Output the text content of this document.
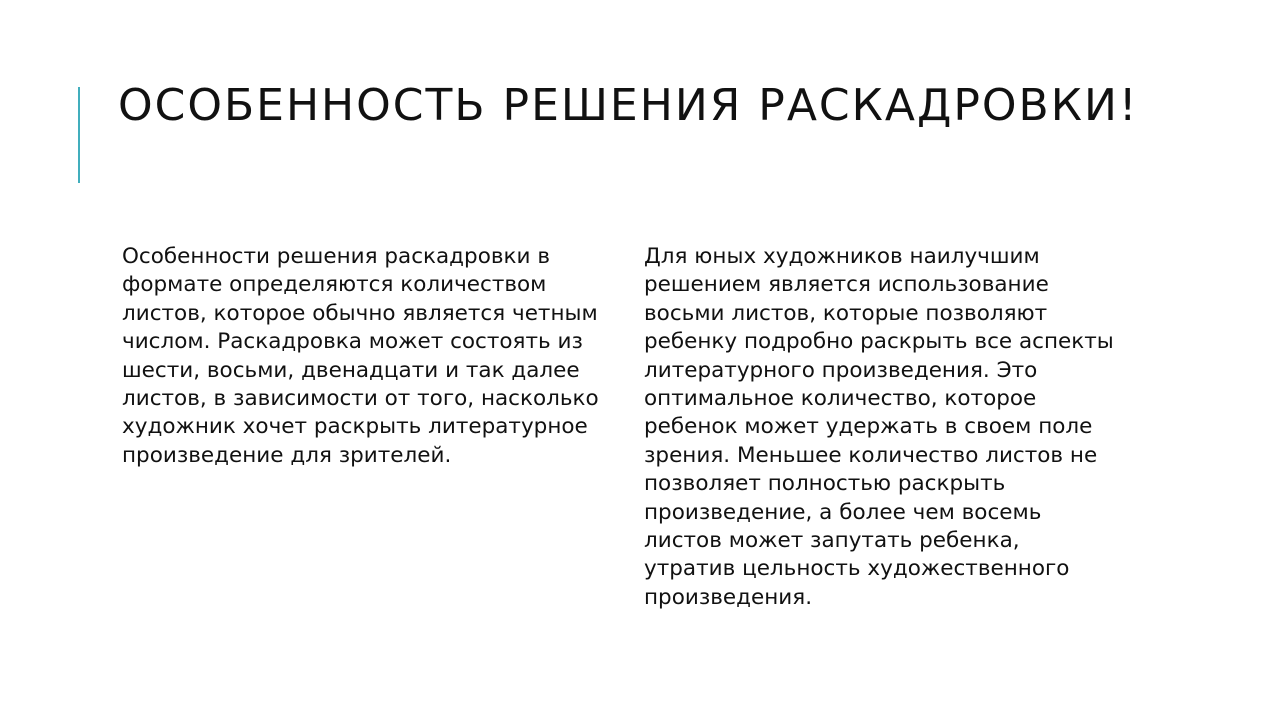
ОСОБЕННОСТЬ РЕШЕНИЯ РАСКАДРОВКИ!

Особенности решения раскадровки в формате определяются количеством листов, которое обычно является четным числом. Раскадровка может состоять из шести, восьми, двенадцати и так далее листов, в зависимости от того, насколько художник хочет раскрыть литературное произведение для зрителей.

Для юных художников наилучшим решением является использование восьми листов, которые позволяют ребенку подробно раскрыть все аспекты литературного произведения. Это оптимальное количество, которое ребенок может удержать в своем поле зрения. Меньшее количество листов не позволяет полностью раскрыть произведение, а более чем восемь листов может запутать ребенка, утратив цельность художественного произведения.
